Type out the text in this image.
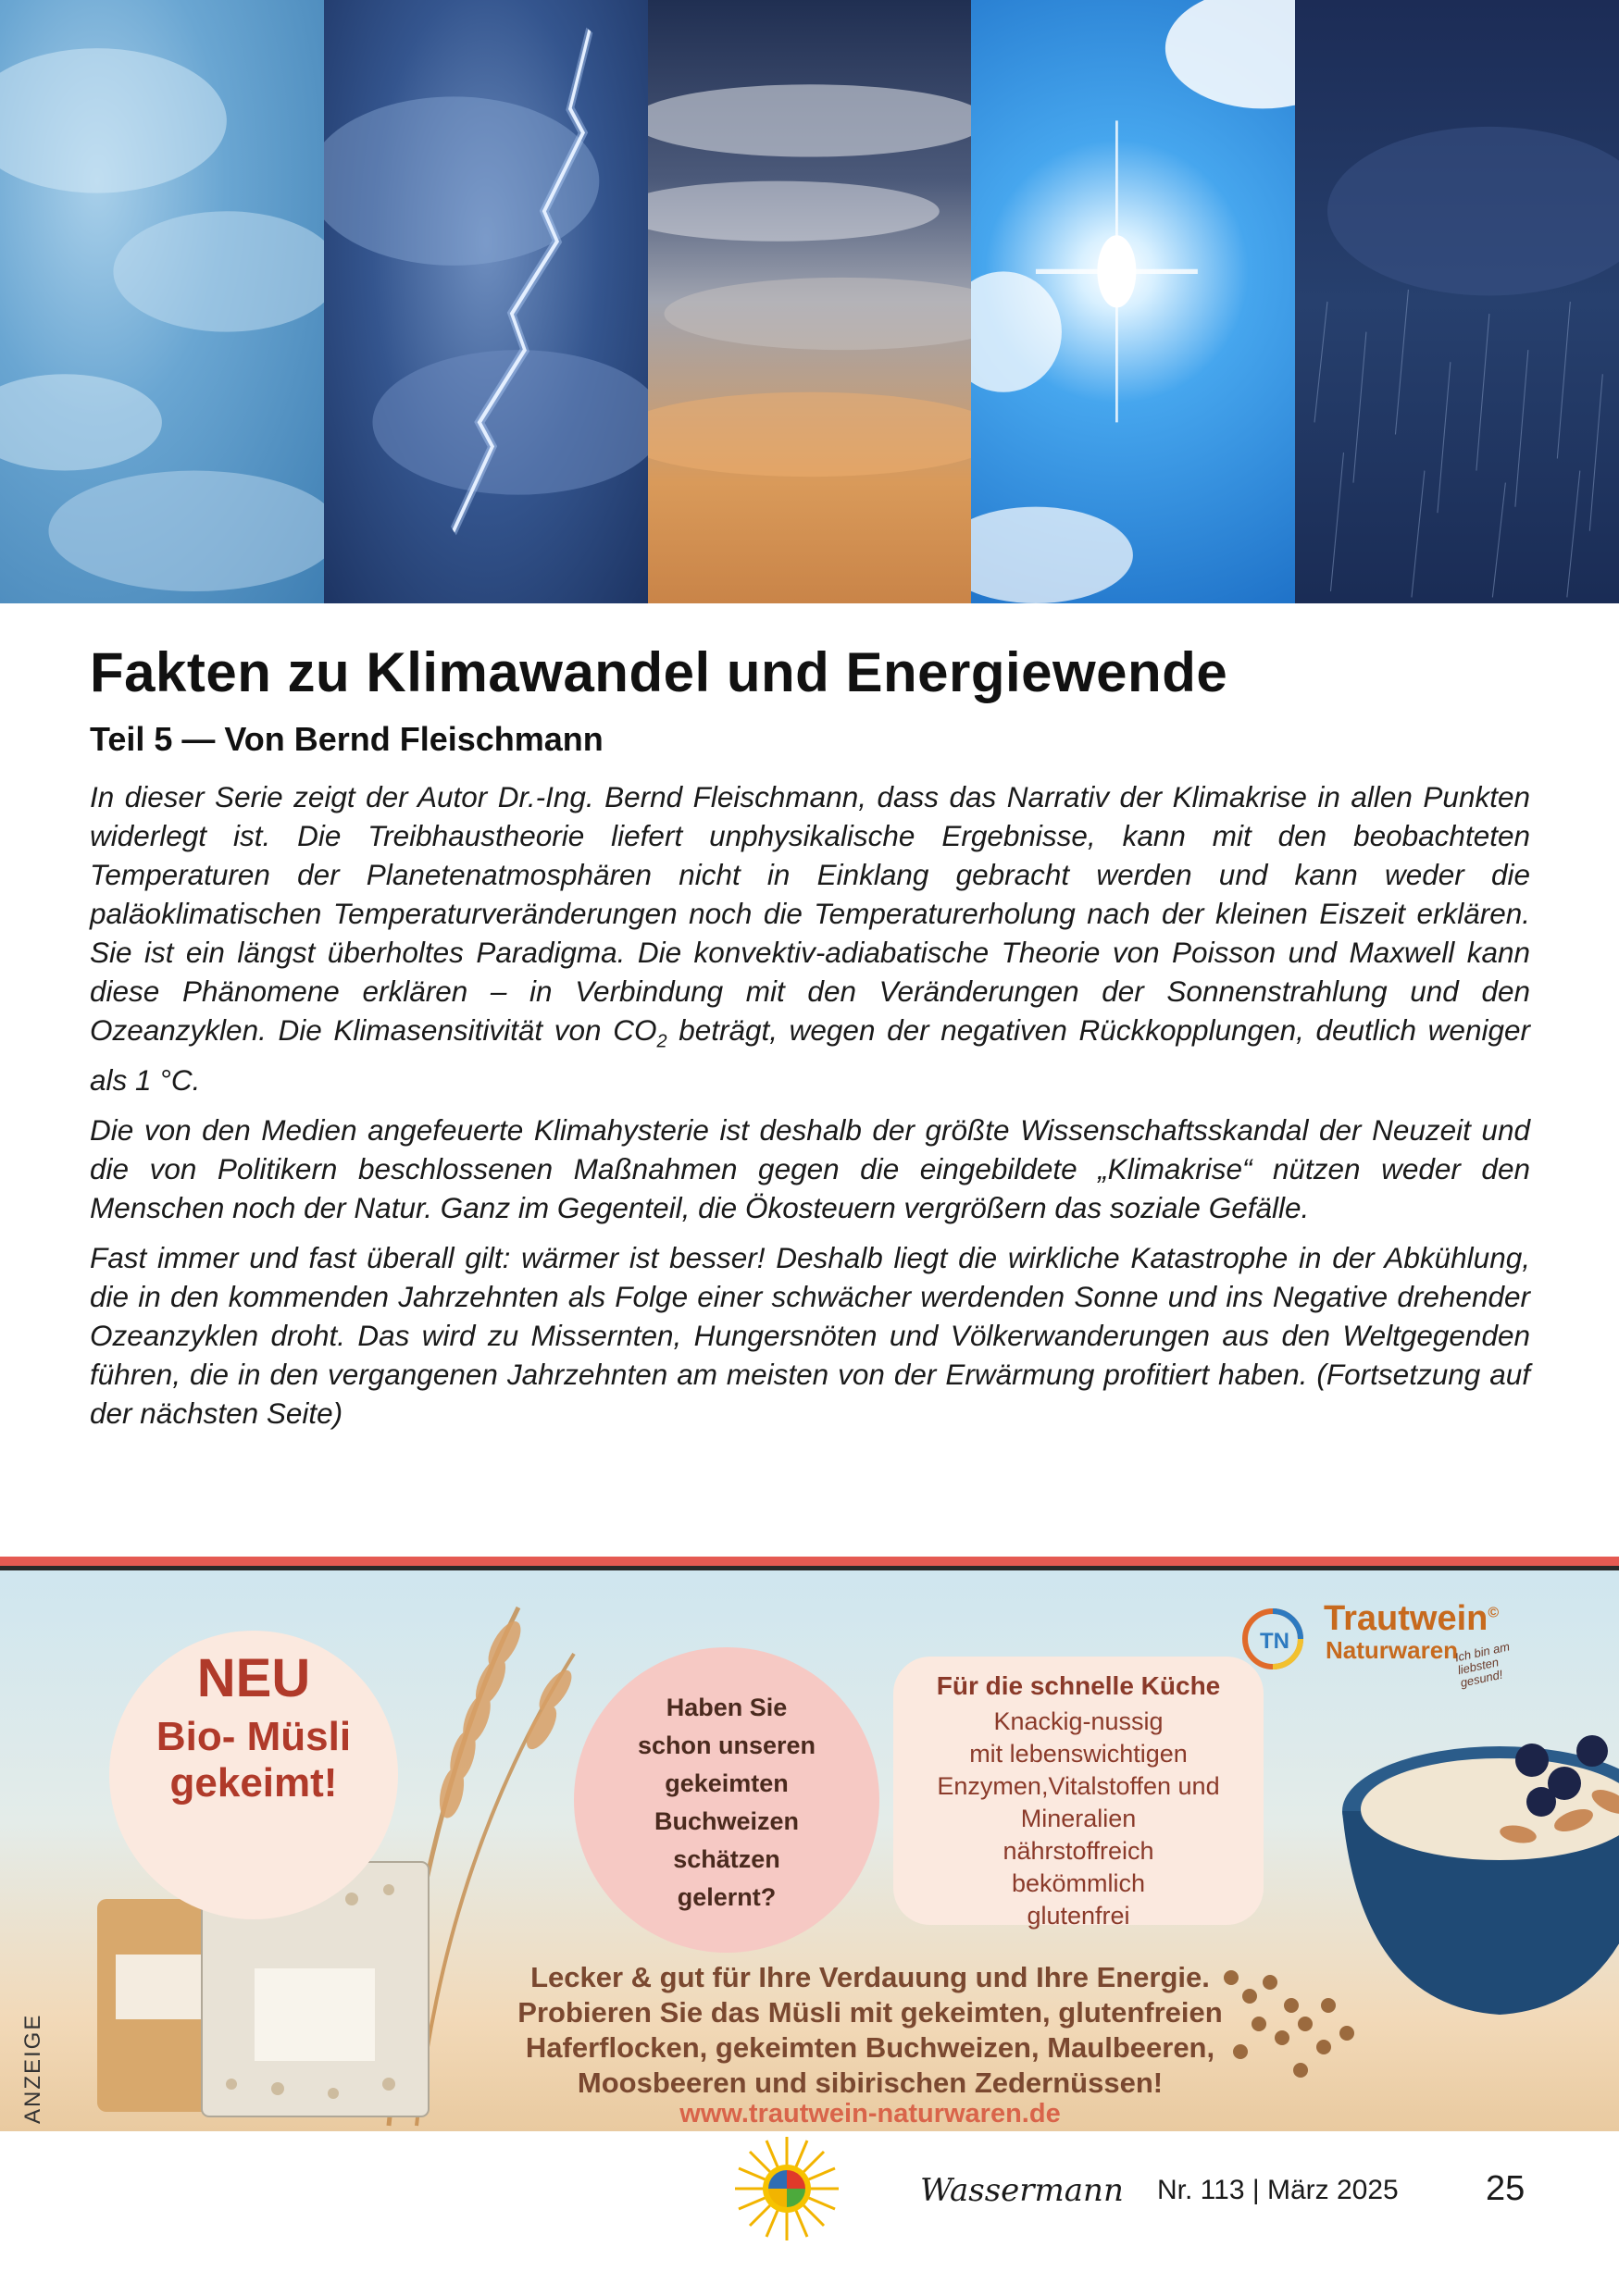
Fakten zu Klimawandel und Energiewende
Teil 5 — Von Bernd Fleischmann

In dieser Serie zeigt der Autor Dr.-Ing. Bernd Fleischmann, dass das Narrativ der Klimakrise in allen Punkten widerlegt ist. Die Treibhaustheorie liefert unphysikalische Ergebnisse, kann mit den beobachteten Temperaturen der Planetenatmosphären nicht in Einklang gebracht werden und kann weder die paläoklimatischen Temperaturveränderungen noch die Temperaturerholung nach der kleinen Eiszeit erklären. Sie ist ein längst überholtes Paradigma. Die konvektiv-adiabatische Theorie von Poisson und Maxwell kann diese Phänomene erklären – in Verbindung mit den Veränderungen der Sonnenstrahlung und den Ozeanzyklen. Die Klimasensitivität von $CO_2$ beträgt, wegen der negativen Rückkopplungen, deutlich weniger als 1 °C.

Die von den Medien angefeuerte Klimahysterie ist deshalb der größte Wissenschaftsskandal der Neuzeit und die von Politikern beschlossenen Maßnahmen gegen die eingebildete „Klimakrise“ nützen weder den Menschen noch der Natur. Ganz im Gegenteil, die Ökosteuern vergrößern das soziale Gefälle.

Fast immer und fast überall gilt: wärmer ist besser! Deshalb liegt die wirkliche Katastrophe in der Abkühlung, die in den kommenden Jahrzehnten als Folge einer schwächer werdenden Sonne und ins Negative drehender Ozeanzyklen droht. Das wird zu Missernten, Hungersnöten und Völkerwanderungen aus den Weltgegenden führen, die in den vergangenen Jahrzehnten am meisten von der Erwärmung profitiert haben. (Fortsetzung auf der nächsten Seite)

ANZEIGE
NEU
Bio- Müsli
gekeimt!
Haben Sie
schon unseren
gekeimten
Buchweizen
schätzen
gelernt?
Für die schnelle Küche
Knackig-nussig
mit lebenswichtigen
Enzymen,Vitalstoffen und
Mineralien
nährstoffreich
bekömmlich
glutenfrei
TN
Trautwein©
Naturwaren
Ich bin am liebsten gesund!
Lecker & gut für Ihre Verdauung und Ihre Energie.
Probieren Sie das Müsli mit gekeimten, glutenfreien
Haferflocken, gekeimten Buchweizen, Maulbeeren,
Moosbeeren und sibirischen Zedernüssen!
www.trautwein-naturwaren.de
Wassermann Nr. 113 | März 2025 25
